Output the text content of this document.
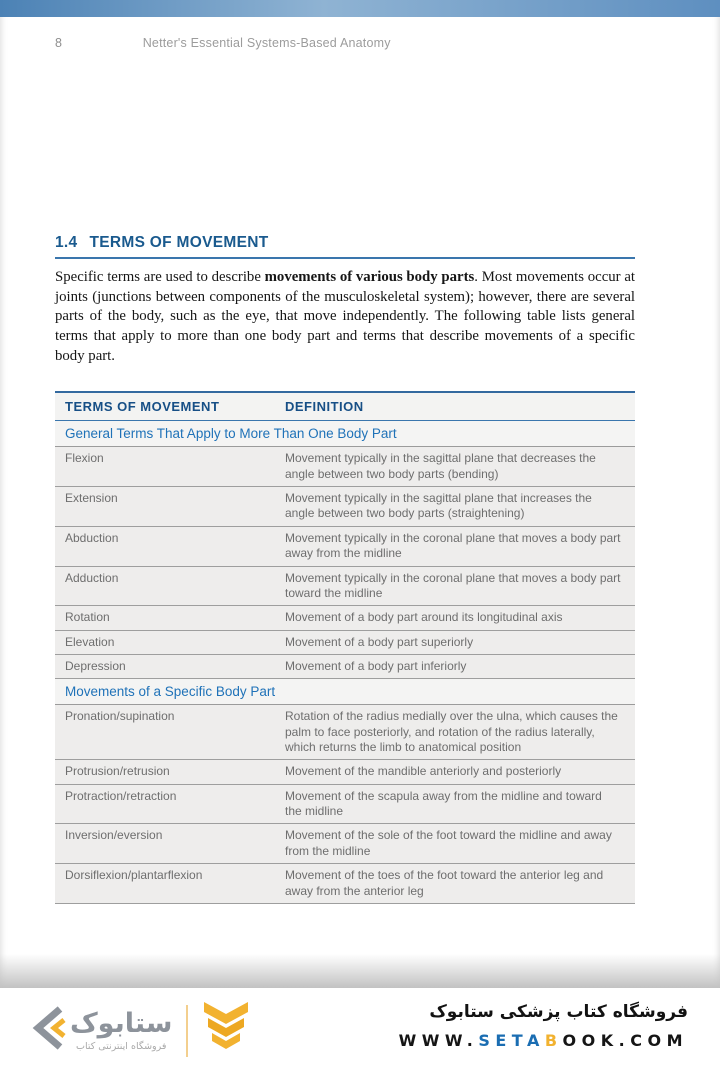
8	Netter's Essential Systems-Based Anatomy
1.4 TERMS OF MOVEMENT

Specific terms are used to describe movements of various body parts. Most movements occur at joints (junctions between components of the musculoskeletal system); however, there are several parts of the body, such as the eye, that move independently. The following table lists general terms that apply to more than one body part and terms that describe movements of a specific body part.

TERMS OF MOVEMENT	DEFINITION
General Terms That Apply to More Than One Body Part
Flexion	Movement typically in the sagittal plane that decreases the angle between two body parts (bending)
Extension	Movement typically in the sagittal plane that increases the angle between two body parts (straightening)
Abduction	Movement typically in the coronal plane that moves a body part away from the midline
Adduction	Movement typically in the coronal plane that moves a body part toward the midline
Rotation	Movement of a body part around its longitudinal axis
Elevation	Movement of a body part superiorly
Depression	Movement of a body part inferiorly
Movements of a Specific Body Part
Pronation/supination	Rotation of the radius medially over the ulna, which causes the palm to face posteriorly, and rotation of the radius laterally, which returns the limb to anatomical position
Protrusion/retrusion	Movement of the mandible anteriorly and posteriorly
Protraction/retraction	Movement of the scapula away from the midline and toward the midline
Inversion/eversion	Movement of the sole of the foot toward the midline and away from the midline
Dorsiflexion/plantarflexion	Movement of the toes of the foot toward the anterior leg and away from the anterior leg
ستابوک
فروشگاه اینترنتی کتاب
فروشگاه کتاب پزشکی ستابوک
WWW.SETABOOK.COM
